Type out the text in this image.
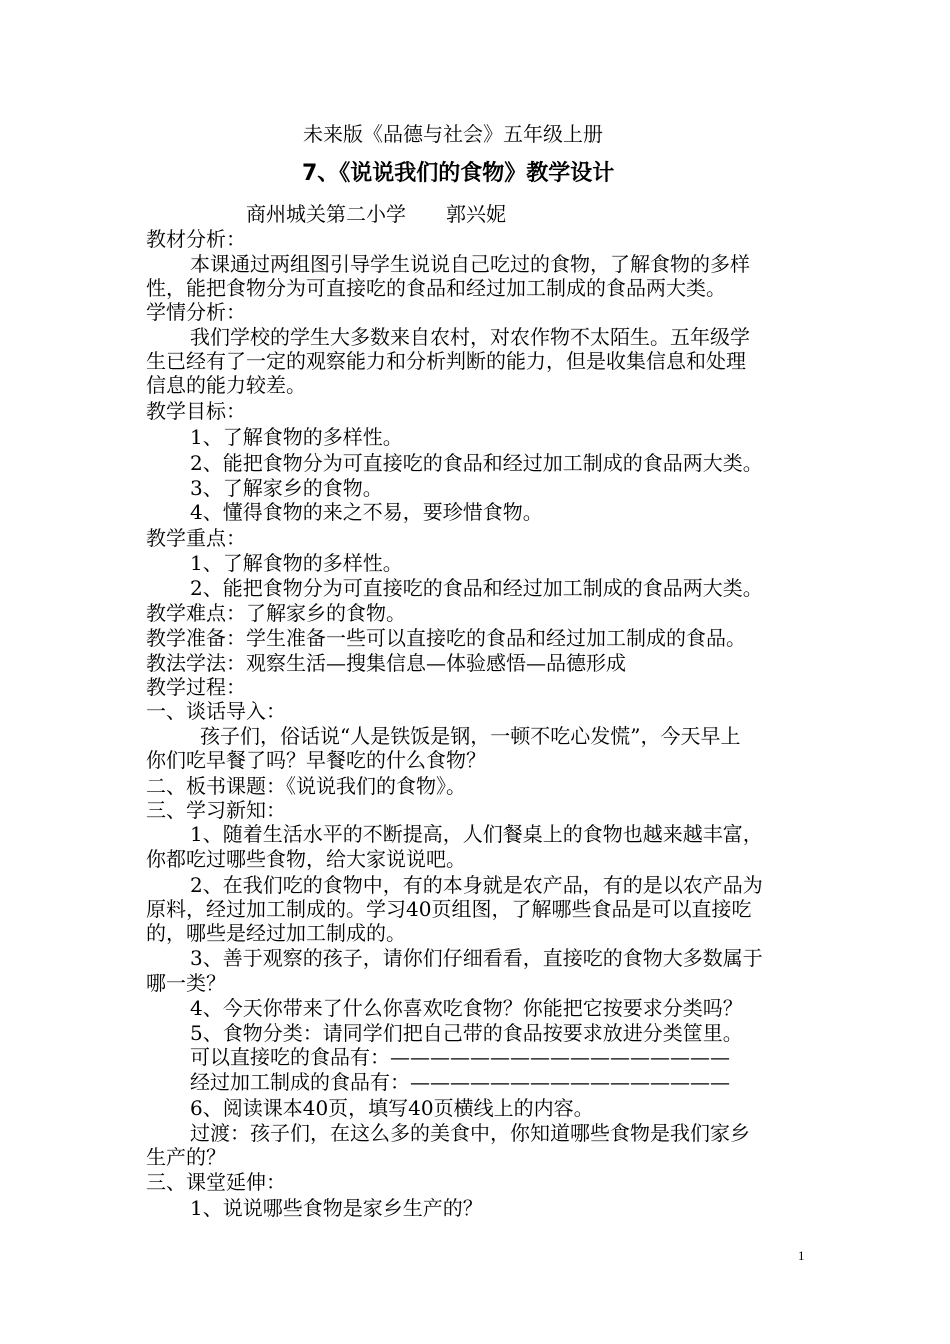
未来版《品德与社会》五年级上册
7、《说说我们的食物》教学设计
商州城关第二小学　　郭兴妮
教材分析：
本课通过两组图引导学生说说自己吃过的食物，了解食物的多样
性，能把食物分为可直接吃的食品和经过加工制成的食品两大类。
学情分析：
我们学校的学生大多数来自农村，对农作物不太陌生。五年级学
生已经有了一定的观察能力和分析判断的能力，但是收集信息和处理
信息的能力较差。
教学目标：
1、了解食物的多样性。
2、能把食物分为可直接吃的食品和经过加工制成的食品两大类。
3、了解家乡的食物。
4、懂得食物的来之不易，要珍惜食物。
教学重点：
1、了解食物的多样性。
2、能把食物分为可直接吃的食品和经过加工制成的食品两大类。
教学难点：了解家乡的食物。
教学准备：学生准备一些可以直接吃的食品和经过加工制成的食品。
教法学法：观察生活—搜集信息—体验感悟—品德形成
教学过程：
一、谈话导入：
孩子们，俗话说“人是铁饭是钢，一顿不吃心发慌”，今天早上
你们吃早餐了吗？早餐吃的什么食物？
二、板书课题：《说说我们的食物》。
三、学习新知：
1、随着生活水平的不断提高，人们餐桌上的食物也越来越丰富，
你都吃过哪些食物，给大家说说吧。
2、在我们吃的食物中，有的本身就是农产品，有的是以农产品为
原料，经过加工制成的。学习40页组图，了解哪些食品是可以直接吃
的，哪些是经过加工制成的。
3、善于观察的孩子，请你们仔细看看，直接吃的食物大多数属于
哪一类？
4、今天你带来了什么你喜欢吃食物？你能把它按要求分类吗？
5、食物分类：请同学们把自己带的食品按要求放进分类筐里。
可以直接吃的食品有：—————————————————
经过加工制成的食品有：————————————————
6、阅读课本40页，填写40页横线上的内容。
过渡：孩子们，在这么多的美食中，你知道哪些食物是我们家乡
生产的？
三、课堂延伸：
1、说说哪些食物是家乡生产的？
1
